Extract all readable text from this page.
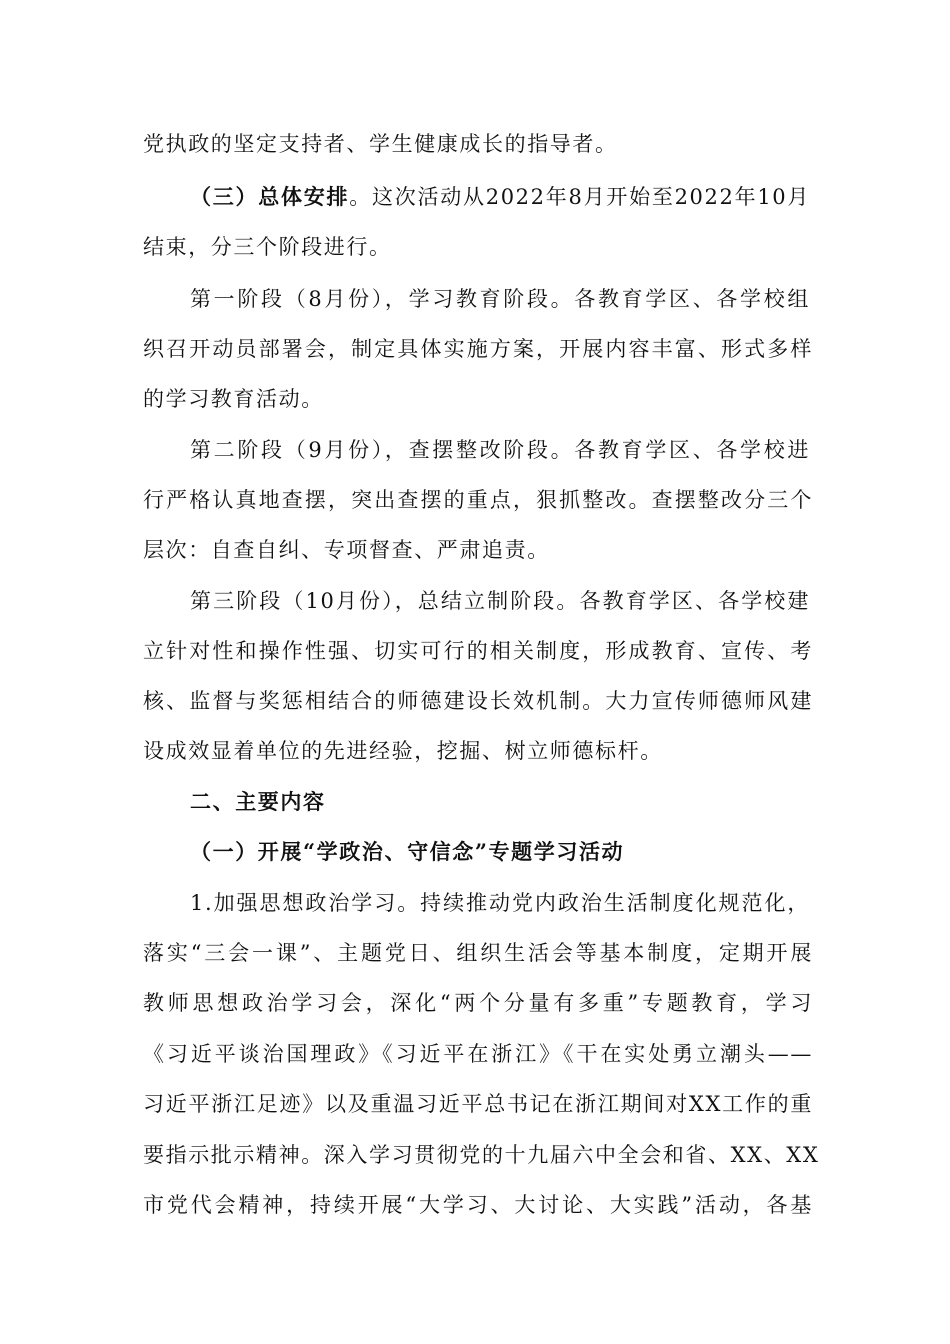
党执政的坚定支持者、学生健康成长的指导者。
（三）总体安排。这次活动从2022年8月开始至2022年10月
结束，分三个阶段进行。
第一阶段（8月份），学习教育阶段。各教育学区、各学校组
织召开动员部署会，制定具体实施方案，开展内容丰富、形式多样
的学习教育活动。
第二阶段（9月份），查摆整改阶段。各教育学区、各学校进
行严格认真地查摆，突出查摆的重点，狠抓整改。查摆整改分三个
层次：自查自纠、专项督查、严肃追责。
第三阶段（10月份），总结立制阶段。各教育学区、各学校建
立针对性和操作性强、切实可行的相关制度，形成教育、宣传、考
核、监督与奖惩相结合的师德建设长效机制。大力宣传师德师风建
设成效显着单位的先进经验，挖掘、树立师德标杆。
二、主要内容
（一）开展“学政治、守信念”专题学习活动
1.加强思想政治学习。持续推动党内政治生活制度化规范化，
落实“三会一课”、主题党日、组织生活会等基本制度，定期开展
教师思想政治学习会，深化“两个分量有多重”专题教育，学习
《习近平谈治国理政》《习近平在浙江》《干在实处勇立潮头——
习近平浙江足迹》以及重温习近平总书记在浙江期间对XX工作的重
要指示批示精神。深入学习贯彻党的十九届六中全会和省、XX、XX
市党代会精神，持续开展“大学习、大讨论、大实践”活动，各基
